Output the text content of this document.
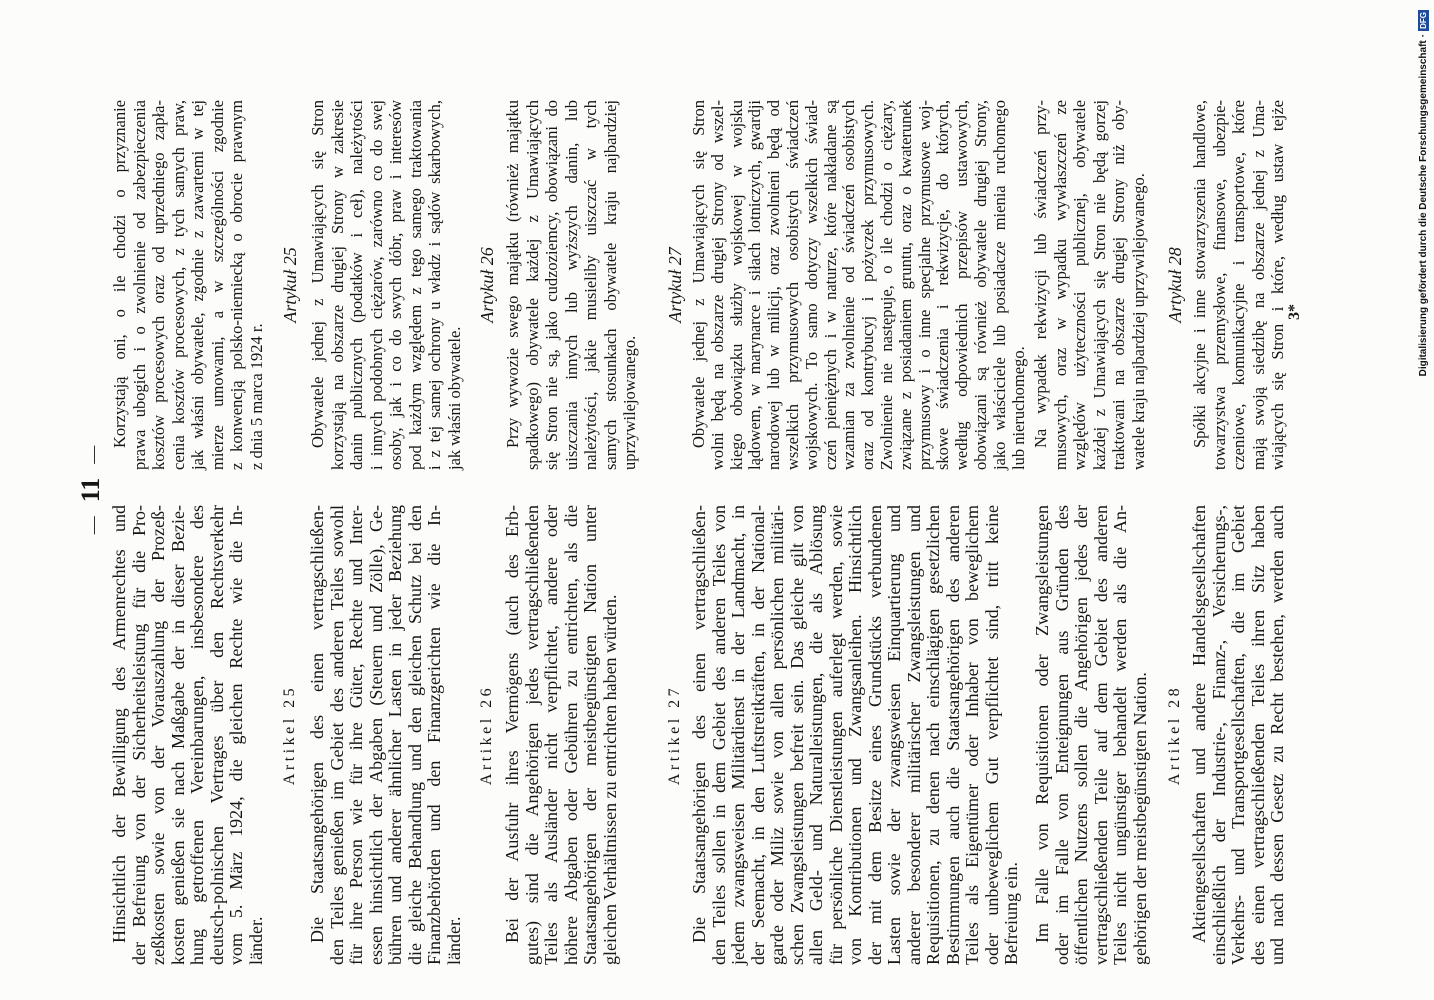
—11—
Hinsichtlich der Bewilligung des Armenrechtes und der Befreiung von der Sicherheitsleistung für die Pro- zeßkosten sowie von der Vorauszahlung der Prozeß- kosten genießen sie nach Maßgabe der in dieser Bezie- hung getroffenen Vereinbarungen, insbesondere des deutsch-polnischen Vertrages über den Rechtsverkehr vom 5. März 1924, die gleichen Rechte wie die In- länder.
Artikel 25 Die Staatsangehörigen des einen vertragschließen- den Teiles genießen im Gebiet des anderen Teiles sowohl für ihre Person wie für ihre Güter, Rechte und Inter- essen hinsichtlich der Abgaben (Steuern und Zölle), Ge- bühren und anderer ähnlicher Lasten in jeder Beziehung die gleiche Behandlung und den gleichen Schutz bei den Finanzbehörden und den Finanzgerichten wie die In- länder.
Artikel 26 Bei der Ausfuhr ihres Vermögens (auch des Erb- gutes) sind die Angehörigen jedes vertragschließenden Teiles als Ausländer nicht verpflichtet, andere oder höhere Abgaben oder Gebühren zu entrichten, als die Staatsangehörigen der meistbegünstigten Nation unter gleichen Verhältnissen zu entrichten haben würden.	Artikel 27 Die Staatsangehörigen des einen vertragschließen- den Teiles sollen in dem Gebiet des anderen Teiles von jedem zwangsweisen Militärdienst in der Landmacht, in der Seemacht, in den Luftstreitkräften, in der National- garde oder Miliz sowie von allen persönlichen militäri- schen Zwangsleistungen befreit sein. Das gleiche gilt von allen Geld- und Naturalleistungen, die als Ablösung für persönliche Dienstleistungen auferlegt werden, sowie von Kontributionen und Zwangsanleihen. Hinsichtlich der mit dem Besitze eines Grundstücks verbundenen Lasten sowie der zwangsweisen Einquartierung und anderer besonderer militärischer Zwangsleistungen und Requisitionen, zu denen nach einschlägigen gesetzlichen Bestimmungen auch die Staatsangehörigen des anderen Teiles als Eigentümer oder Inhaber von beweglichem oder unbeweglichem Gut verpflichtet sind, tritt keine Befreiung ein. Im Falle von Requisitionen oder Zwangsleistungen oder im Falle von Enteignungen aus Gründen des öffentlichen Nutzens sollen die Angehörigen jedes der vertragschließenden Teile auf dem Gebiet des anderen Teiles nicht ungünstiger behandelt werden als die An- gehörigen der meistbegünstigten Nation. Artikel 28 Aktiengesellschaften und andere Handelsgesellschaften einschließlich der Industrie-, Finanz-, Versicherungs-, Verkehrs- und Transportgesellschaften, die im Gebiet des einen vertragschließenden Teiles ihren Sitz haben und nach dessen Gesetz zu Recht bestehen, werden auch
Korzystają oni, o ile chodzi o przyznanie prawa ubogich i o zwolnienie od zabezpieczenia kosztów procesowych oraz od uprzedniego zapła- cenia kosztów procesowych, z tych samych praw, jak właśni obywatele, zgodnie z zawartemi w tej mierze umowami, a w szczególności zgodnie z konwencją polsko-niemiecką o obrocie prawnym z dnia 5 marca 1924 r.
Artykuł 25 Obywatele jednej z Umawiających się Stron korzystają na obszarze drugiej Strony w zakresie danin publicznych (podatków i ceł), należytości i innych podobnych ciężarów, zarówno co do swej osoby, jak i co do swych dóbr, praw i interesów pod każdym względem z tego samego traktowania i z tej samej ochrony u władz i sądów skarbowych, jak właśni obywatele.
Artykuł 26 Przy wywozie swego majątku (również majątku spadkowego) obywatele każdej z Umawiających się Stron nie są, jako cudzoziemcy, obowiązani do uiszczania innych lub wyższych danin, lub należytości, jakie musieliby uiszczać w tych samych stosunkach obywatele kraju najbardziej uprzywilejowanego.
Artykuł 27 Obywatele jednej z Umawiających się Stron wolni będą na obszarze drugiej Strony od wszel- kiego obowiązku służby wojskowej w wojsku lądowem, w marynarce i siłach lotniczych, gwardji narodowej lub w milicji, oraz zwolnieni będą od wszelkich przymusowych osobistych świadczeń wojskowych. To samo dotyczy wszelkich świad- czeń pieniężnych i w naturze, które nakładane są wzamian za zwolnienie od świadczeń osobistych oraz od kontrybucyj i pożyczek przymusowych. Zwolnienie nie następuje, o ile chodzi o ciężary, związane z posiadaniem gruntu, oraz o kwaterunek przymusowy i o inne specjalne przymusowe woj- skowe świadczenia i rekwizycje, do których, według odpowiednich przepisów ustawowych, obowiązani są również obywatele drugiej Strony, jako właściciele lub posiadacze mienia ruchomego lub nieruchomego. Na wypadek rekwizycji lub świadczeń przy- musowych, oraz w wypadku wywłaszczeń ze względów użyteczności publicznej, obywatele każdej z Umawiających się Stron nie będą gorzej traktowani na obszarze drugiej Strony niż oby- watele kraju najbardziej uprzywilejowanego. Artykuł 28 Spółki akcyjne i inne stowarzyszenia handlowe, towarzystwa przemysłowe, finansowe, ubezpie- czeniowe, komunikacyjne i transportowe, które mają swoją siedzibę na obszarze jednej z Uma- wiających się Stron i które, według ustaw tejże 3*	Digitalisierung gefördert durch die Deutsche Forschungsgemeinschaft·DFG
